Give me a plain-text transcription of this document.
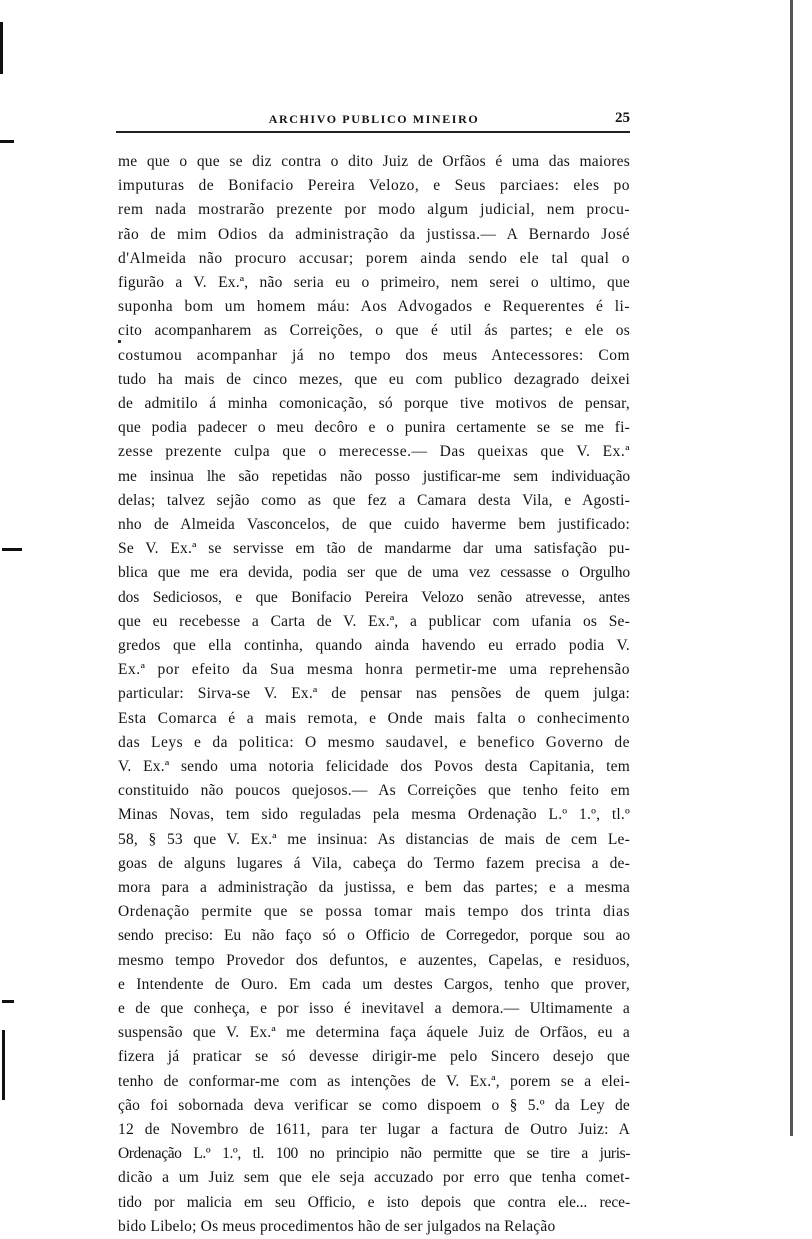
ARCHIVO PUBLICO MINEIRO	25
me que o que se diz contra o dito Juiz de Orfãos é uma das maiores
imputuras de Bonifacio Pereira Velozo, e Seus parciaes: eles po
rem nada mostrarão prezente por modo algum judicial, nem procu-
rão de mim Odios da administração da justissa.— A Bernardo José
d'Almeida não procuro accusar; porem ainda sendo ele tal qual o
figurão a V. Ex.ª, não seria eu o primeiro, nem serei o ultimo, que
suponha bom um homem máu: Aos Advogados e Requerentes é li-
cito acompanharem as Correições, o que é util ás partes; e ele os
costumou acompanhar já no tempo dos meus Antecessores: Com
tudo ha mais de cinco mezes, que eu com publico dezagrado deixei
de admitilo á minha comonicação, só porque tive motivos de pensar,
que podia padecer o meu decôro e o punira certamente se se me fi-
zesse prezente culpa que o merecesse.— Das queixas que V. Ex.ª
me insinua lhe são repetidas não posso justificar-me sem individuação
delas; talvez sejão como as que fez a Camara desta Vila, e Agosti-
nho de Almeida Vasconcelos, de que cuido haverme bem justificado:
Se V. Ex.ª se servisse em tão de mandarme dar uma satisfação pu-
blica que me era devida, podia ser que de uma vez cessasse o Orgulho
dos Sediciosos, e que Bonifacio Pereira Velozo senão atrevesse, antes
que eu recebesse a Carta de V. Ex.ª, a publicar com ufania os Se-
gredos que ella continha, quando ainda havendo eu errado podia V.
Ex.ª por efeito da Sua mesma honra permetir-me uma reprehensão
particular: Sirva-se V. Ex.ª de pensar nas pensões de quem julga:
Esta Comarca é a mais remota, e Onde mais falta o conhecimento
das Leys e da politica: O mesmo saudavel, e benefico Governo de
V. Ex.ª sendo uma notoria felicidade dos Povos desta Capitania, tem
constituido não poucos quejosos.— As Correições que tenho feito em
Minas Novas, tem sido reguladas pela mesma Ordenação L.º 1.º, tl.º
58, § 53 que V. Ex.ª me insinua: As distancias de mais de cem Le-
goas de alguns lugares á Vila, cabeça do Termo fazem precisa a de-
mora para a administração da justissa, e bem das partes; e a mesma
Ordenação permite que se possa tomar mais tempo dos trinta dias
sendo preciso: Eu não faço só o Officio de Corregedor, porque sou ao
mesmo tempo Provedor dos defuntos, e auzentes, Capelas, e residuos,
e Intendente de Ouro. Em cada um destes Cargos, tenho que prover,
e de que conheça, e por isso é inevitavel a demora.— Ultimamente a
suspensão que V. Ex.ª me determina faça áquele Juiz de Orfãos, eu a
fizera já praticar se só devesse dirigir-me pelo Sincero desejo que
tenho de conformar-me com as intenções de V. Ex.ª, porem se a elei-
ção foi sobornada deva verificar se como dispoem o § 5.º da Ley de
12 de Novembro de 1611, para ter lugar a factura de Outro Juiz: A
Ordenação L.º 1.º, tl. 100 no principio não permitte que se tire a juris-
dicão a um Juiz sem que ele seja accuzado por erro que tenha comet-
tido por malicia em seu Officio, e isto depois que contra ele... rece-
bido Libelo; Os meus procedimentos hão de ser julgados na Relação
